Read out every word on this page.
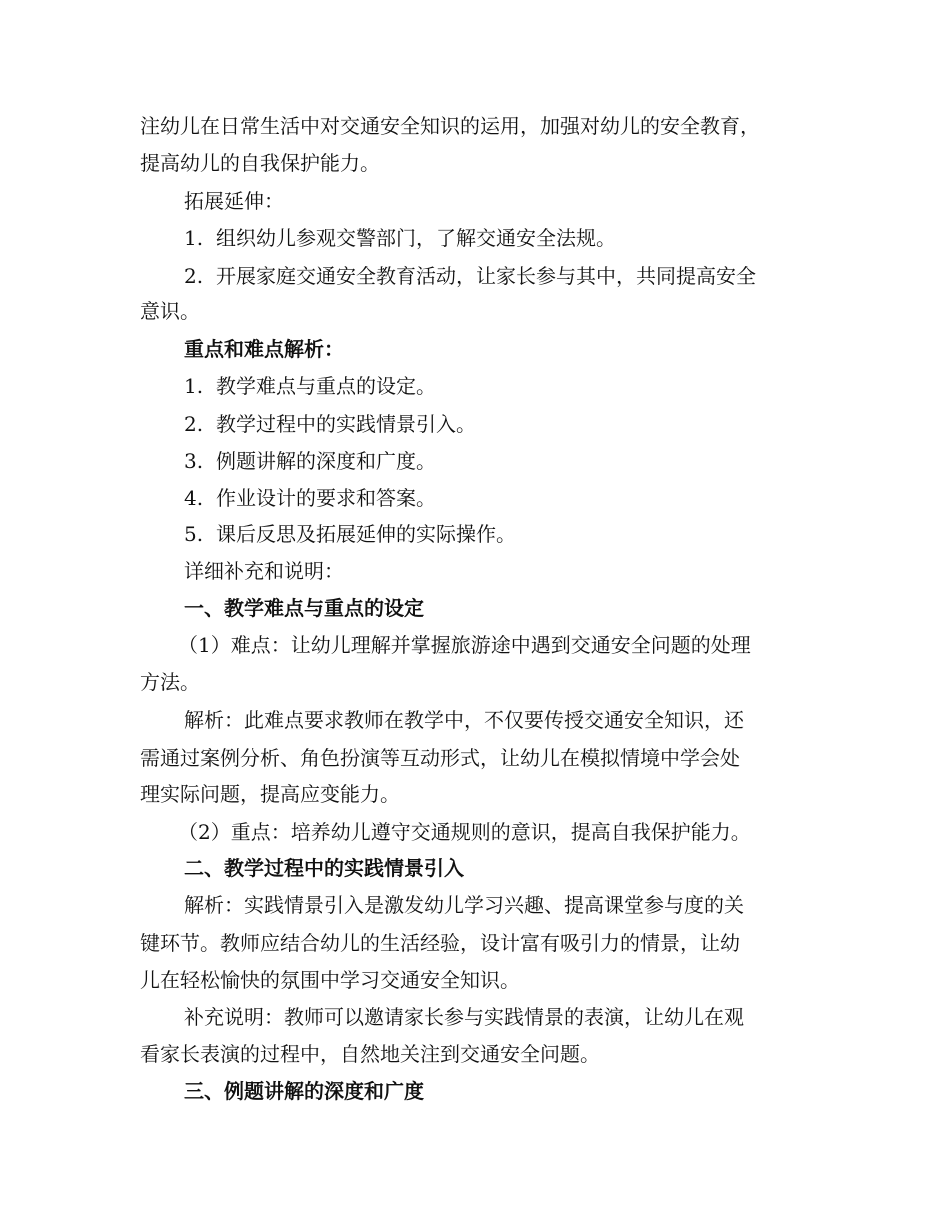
注幼儿在日常生活中对交通安全知识的运用，加强对幼儿的安全教育，
提高幼儿的自我保护能力。
拓展延伸：
1. 组织幼儿参观交警部门，了解交通安全法规。
2. 开展家庭交通安全教育活动，让家长参与其中，共同提高安全
意识。
重点和难点解析：
1. 教学难点与重点的设定。
2. 教学过程中的实践情景引入。
3. 例题讲解的深度和广度。
4. 作业设计的要求和答案。
5. 课后反思及拓展延伸的实际操作。
详细补充和说明：
一、教学难点与重点的设定
（1）难点：让幼儿理解并掌握旅游途中遇到交通安全问题的处理
方法。
解析：此难点要求教师在教学中，不仅要传授交通安全知识，还
需通过案例分析、角色扮演等互动形式，让幼儿在模拟情境中学会处
理实际问题，提高应变能力。
（2）重点：培养幼儿遵守交通规则的意识，提高自我保护能力。
二、教学过程中的实践情景引入
解析：实践情景引入是激发幼儿学习兴趣、提高课堂参与度的关
键环节。教师应结合幼儿的生活经验，设计富有吸引力的情景，让幼
儿在轻松愉快的氛围中学习交通安全知识。
补充说明：教师可以邀请家长参与实践情景的表演，让幼儿在观
看家长表演的过程中，自然地关注到交通安全问题。
三、例题讲解的深度和广度
